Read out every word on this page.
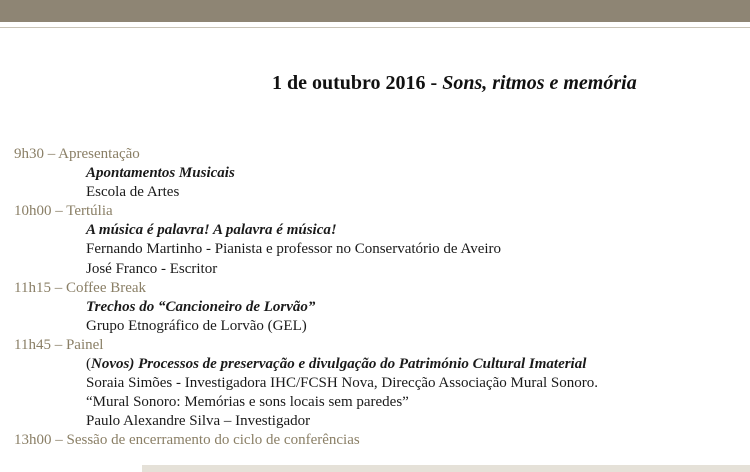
1 de outubro 2016 - Sons, ritmos e memória
9h30 – Apresentação
Apontamentos Musicais
Escola de Artes
10h00 – Tertúlia
A música é palavra! A palavra é música!
Fernando Martinho - Pianista e professor no Conservatório de Aveiro
José Franco - Escritor
11h15 – Coffee Break
Trechos do “Cancioneiro de Lorvão”
Grupo Etnográfico de Lorvão (GEL)
11h45 – Painel
(Novos) Processos de preservação e divulgação do Património Cultural Imaterial
Soraia Simões - Investigadora IHC/FCSH Nova, Direcção Associação Mural Sonoro.
“Mural Sonoro: Memórias e sons locais sem paredes”
Paulo Alexandre Silva – Investigador
13h00 – Sessão de encerramento do ciclo de conferências
